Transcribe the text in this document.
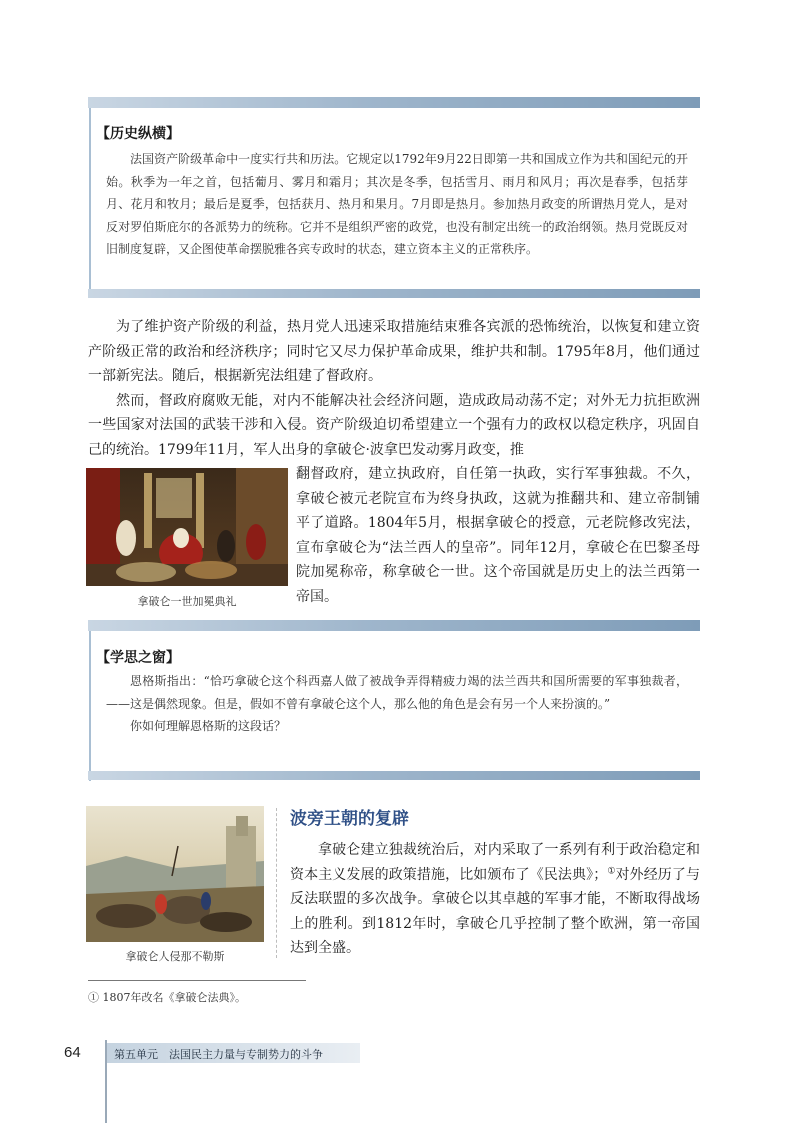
【历史纵横】

法国资产阶级革命中一度实行共和历法。它规定以1792年9月22日即第一共和国成立作为共和国纪元的开始。秋季为一年之首，包括葡月、雾月和霜月；其次是冬季，包括雪月、雨月和风月；再次是春季，包括芽月、花月和牧月；最后是夏季，包括获月、热月和果月。7月即是热月。参加热月政变的所谓热月党人，是对反对罗伯斯庇尔的各派势力的统称。它并不是组织严密的政党，也没有制定出统一的政治纲领。热月党既反对旧制度复辟，又企图使革命摆脱雅各宾专政时的状态，建立资本主义的正常秩序。

为了维护资产阶级的利益，热月党人迅速采取措施结束雅各宾派的恐怖统治，以恢复和建立资产阶级正常的政治和经济秩序；同时它又尽力保护革命成果，维护共和制。1795年8月，他们通过一部新宪法。随后，根据新宪法组建了督政府。

然而，督政府腐败无能，对内不能解决社会经济问题，造成政局动荡不定；对外无力抗拒欧洲一些国家对法国的武装干涉和入侵。资产阶级迫切希望建立一个强有力的政权以稳定秩序，巩固自己的统治。1799年11月，军人出身的拿破仑·波拿巴发动雾月政变，推

拿破仑一世加冕典礼

翻督政府，建立执政府，自任第一执政，实行军事独裁。不久，拿破仑被元老院宣布为终身执政，这就为推翻共和、建立帝制铺平了道路。1804年5月，根据拿破仑的授意，元老院修改宪法，宣布拿破仑为“法兰西人的皇帝”。同年12月，拿破仑在巴黎圣母院加冕称帝，称拿破仑一世。这个帝国就是历史上的法兰西第一帝国。

【学思之窗】

恩格斯指出：“恰巧拿破仑这个科西嘉人做了被战争弄得精疲力竭的法兰西共和国所需要的军事独裁者，——这是偶然现象。但是，假如不曾有拿破仑这个人，那么他的角色是会有另一个人来扮演的。”

你如何理解恩格斯的这段话？

拿破仑人侵那不勒斯
波旁王朝的复辟

拿破仑建立独裁统治后，对内采取了一系列有利于政治稳定和资本主义发展的政策措施，比如颁布了《民法典》；①对外经历了与反法联盟的多次战争。拿破仑以其卓越的军事才能，不断取得战场上的胜利。到1812年时，拿破仑几乎控制了整个欧洲，第一帝国达到全盛。

① 1807年改名《拿破仑法典》。
64	第五单元　法国民主力量与专制势力的斗争
